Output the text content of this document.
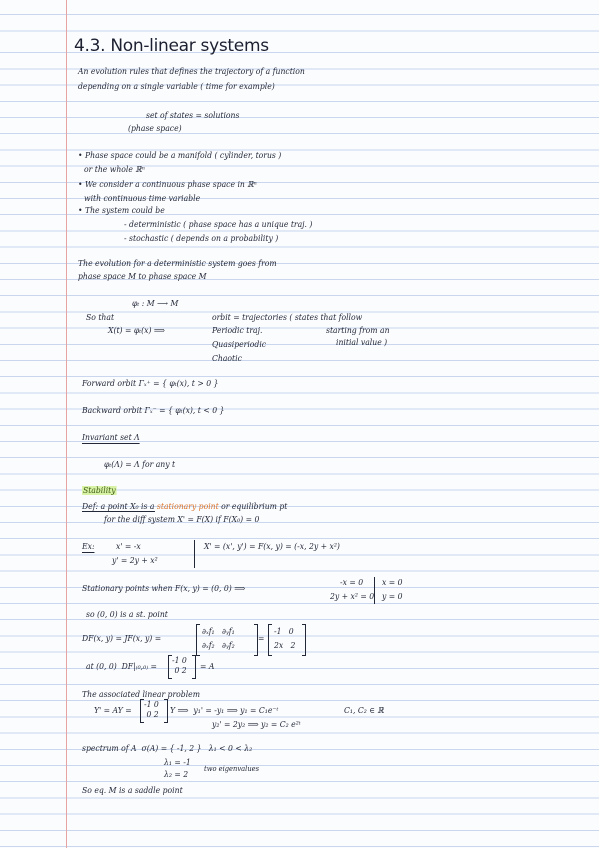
4.3. Non-linear systems
An evolution rules that defines the trajectory of a function
depending on a single variable ( time for example)
set of states = solutions
(phase space)
• Phase space could be a manifold ( cylinder, torus )
or the whole ℝⁿ
• We consider a continuous phase space in ℝⁿ
with continuous time variable
• The system could be
- deterministic ( phase space has a unique traj. )
- stochastic ( depends on a probability )
The evolution for a deterministic system goes from
phase space M to phase space M
φₜ : M ⟶ M
So that	orbit = trajectories ( states that follow
X(t) = φₜ(x) ⟹	Periodic traj.	starting from an
Quasiperiodic	initial value )
Chaotic
Forward orbit Γₓ⁺ = { φₜ(x), t > 0 }
Backward orbit Γₓ⁻ = { φₜ(x), t < 0 }
Invariant set Λ
φₜ(Λ) = Λ for any t
Stability
Def: a point X₀ is a stationary point or equilibrium pt
for the diff system X' = F(X) if F(X₀) = 0
Ex:	x' = -x	X' = (x', y') = F(x, y) = (-x, 2y + x²)
y' = 2y + x²
Stationary points when F(x, y) = (0, 0) ⟹
-x = 0 x = 0
2y + x² = 0 y = 0
so (0, 0) is a st. point
DF(x, y) = JF(x, y) =
∂ₓf₁   ∂ᵧf₁
∂ₓf₂   ∂ᵧf₂
=
-1   0
2x   2
at (0, 0)  DF|₍₀,₀₎ =
-1 0
0 2 = A
The associated linear problem
Y' = AY =
-1 0
0 2 Y ⟹  y₁' = -y₁ ⟹ y₁ = C₁e⁻ᵗ	C₁, C₂ ∈ ℝ
y₂' = 2y₂ ⟹ y₂ = C₂ e²ᵗ
spectrum of A  σ(A) = { -1, 2 }   λ₁ < 0 < λ₂
λ₁ = -1
λ₂ = 2
two eigenvalues
So eq. M is a saddle point
